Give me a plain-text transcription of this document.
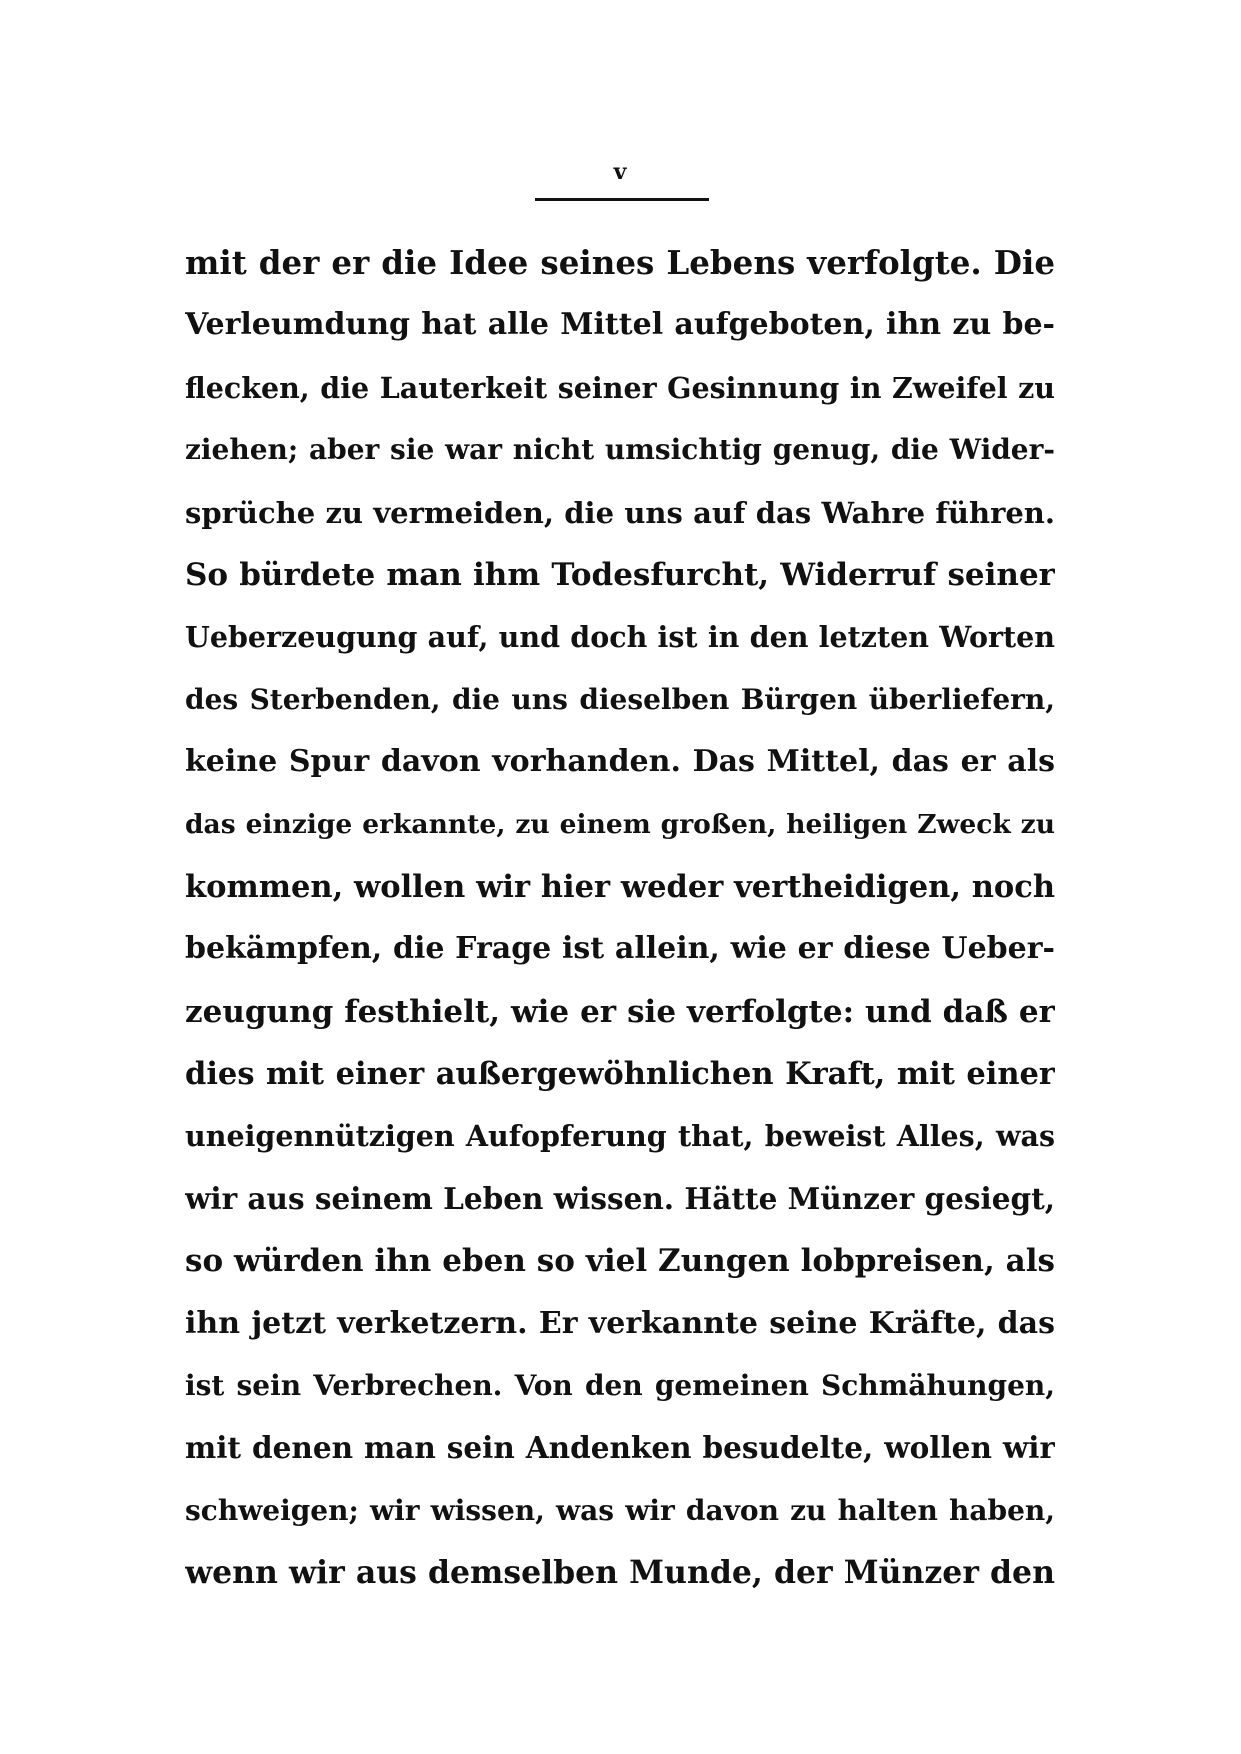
v
mit der er die Idee seines Lebens verfolgte. Die
Verleumdung hat alle Mittel aufgeboten, ihn zu be-
flecken, die Lauterkeit seiner Gesinnung in Zweifel zu
ziehen; aber sie war nicht umsichtig genug, die Wider-
sprüche zu vermeiden, die uns auf das Wahre führen.
So bürdete man ihm Todesfurcht, Widerruf seiner
Ueberzeugung auf, und doch ist in den letzten Worten
des Sterbenden, die uns dieselben Bürgen überliefern,
keine Spur davon vorhanden. Das Mittel, das er als
das einzige erkannte, zu einem großen, heiligen Zweck zu
kommen, wollen wir hier weder vertheidigen, noch
bekämpfen, die Frage ist allein, wie er diese Ueber-
zeugung festhielt, wie er sie verfolgte: und daß er
dies mit einer außergewöhnlichen Kraft, mit einer
uneigennützigen Aufopferung that, beweist Alles, was
wir aus seinem Leben wissen. Hätte Münzer gesiegt,
so würden ihn eben so viel Zungen lobpreisen, als
ihn jetzt verketzern. Er verkannte seine Kräfte, das
ist sein Verbrechen. Von den gemeinen Schmähungen,
mit denen man sein Andenken besudelte, wollen wir
schweigen; wir wissen, was wir davon zu halten haben,
wenn wir aus demselben Munde, der Münzer den
